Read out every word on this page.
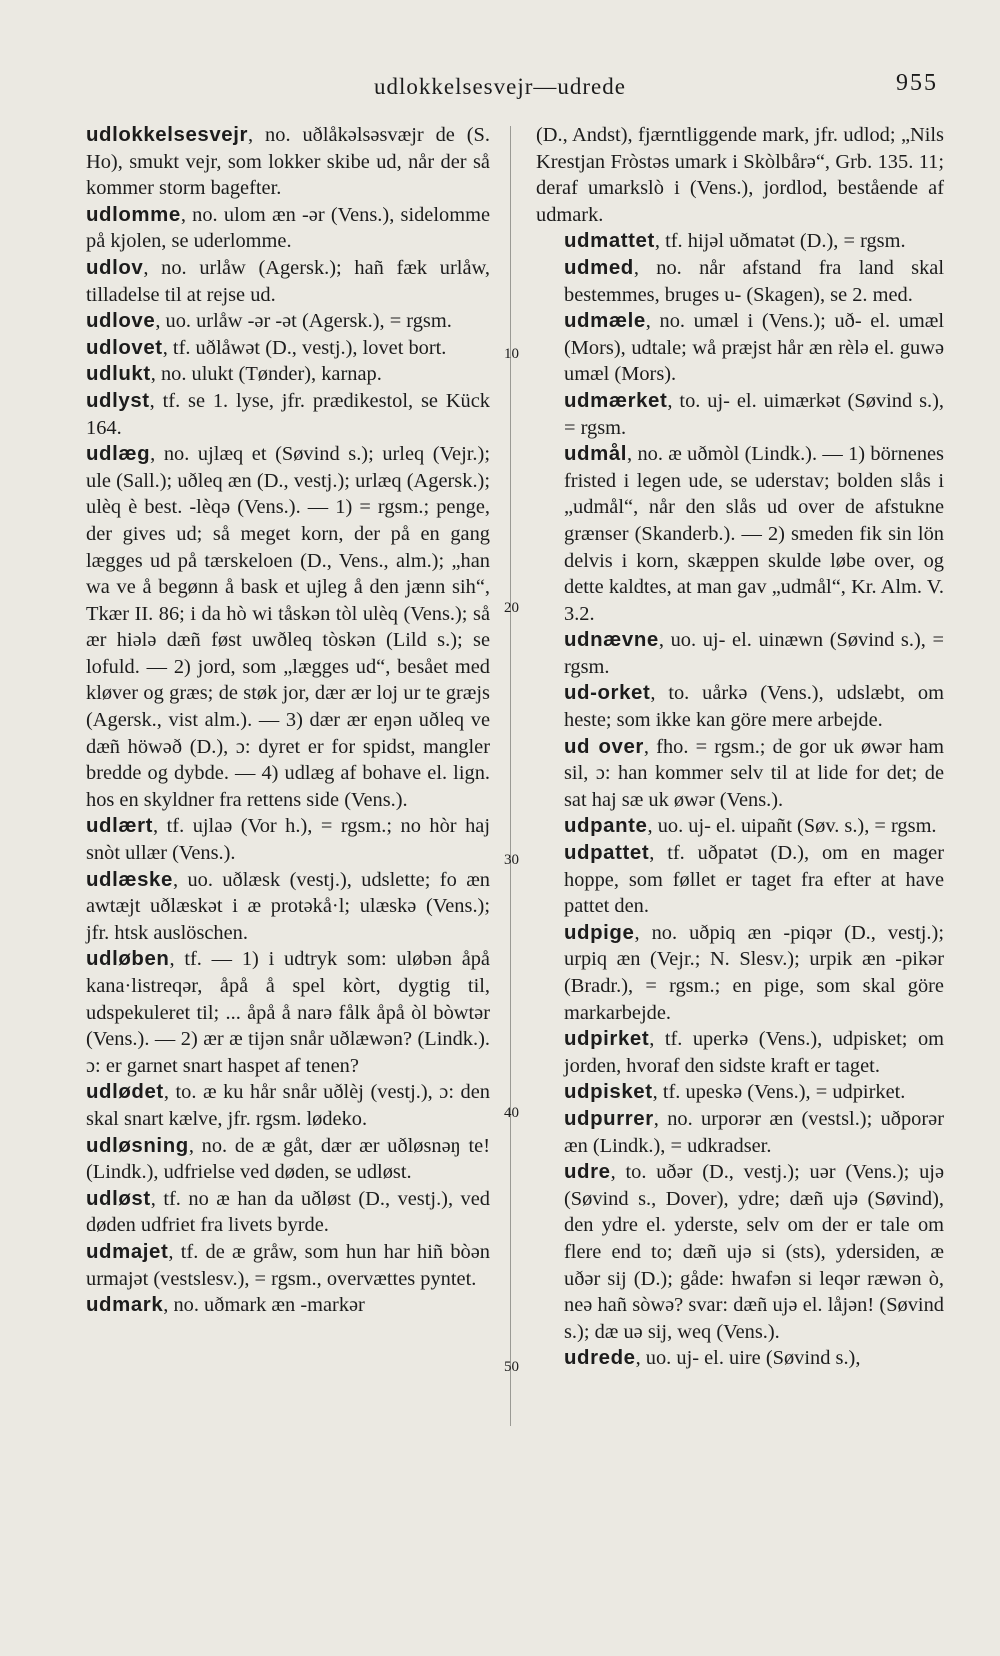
udlokkelsesvejr—udrede	955
10
20
30
40
50

udlokkelsesvejr, no. uðlåkəlsəsvæjr de (S. Ho), smukt vejr, som lokker skibe ud, når der så kommer storm bagefter.

udlomme, no. ulom æn -ər (Vens.), sidelomme på kjolen, se uderlomme.

udlov, no. urlåw (Agersk.); hañ fæk urlåw, tilladelse til at rejse ud.

udlove, uo. urlåw -ər -ət (Agersk.), = rgsm.

udlovet, tf. uðlåwət (D., vestj.), lovet bort.

udlukt, no. ulukt (Tønder), karnap.

udlyst, tf. se 1. lyse, jfr. prædikestol, se Kück 164.

udlæg, no. ujlæq et (Søvind s.); urleq (Vejr.); ule (Sall.); uðleq æn (D., vestj.); urlæq (Agersk.); ulèq è best. -lèqə (Vens.). — 1) = rgsm.; penge, der gives ud; så meget korn, der på en gang lægges ud på tærskeloen (D., Vens., alm.); „han wa ve å begønn å bask et ujleg å den jænn sih“, Tkær II. 86; i da hò wi tåskən tòl ulèq (Vens.); så ær hiələ dæñ føst uwðleq tòskən (Lild s.); se lofuld. — 2) jord, som „lægges ud“, besået med kløver og græs; de støk jor, dær ær loj ur te græjs (Agersk., vist alm.). — 3) dær ær eŋən uðleq ve dæñ höwəð (D.), ɔ: dyret er for spidst, mangler bredde og dybde. — 4) udlæg af bohave el. lign. hos en skyldner fra rettens side (Vens.).

udlært, tf. ujlaə (Vor h.), = rgsm.; no hòr haj snòt ullær (Vens.).

udlæske, uo. uðlæsk (vestj.), udslette; fo æn awtæjt uðlæskət i æ protəkå·l; ulæskə (Vens.); jfr. htsk auslöschen.

udløben, tf. — 1) i udtryk som: uløbən åpå kana·listreqər, åpå å spel kòrt, dygtig til, udspekuleret til; ... åpå å narə fålk åpå òl bòwtər (Vens.). — 2) ær æ tijən snår uðlæwən? (Lindk.). ɔ: er garnet snart haspet af tenen?

udlødet, to. æ ku hår snår uðlèj (vestj.), ɔ: den skal snart kælve, jfr. rgsm. lødeko.

udløsning, no. de æ gåt, dær ær uðløsnəŋ te! (Lindk.), udfrielse ved døden, se udløst.

udløst, tf. no æ han da uðløst (D., vestj.), ved døden udfriet fra livets byrde.

udmajet, tf. de æ gråw, som hun har hiñ bòən urmajət (vestslesv.), = rgsm., overvættes pyntet.

udmark, no. uðmark æn -markər

(D., Andst), fjærntliggende mark, jfr. udlod; „Nils Krestjan Fròstəs umark i Skòlbårə“, Grb. 135. 11; deraf umarkslò i (Vens.), jordlod, bestående af udmark.

udmattet, tf. hijəl uðmatət (D.), = rgsm.

udmed, no. når afstand fra land skal bestemmes, bruges u- (Skagen), se 2. med.

udmæle, no. umæl i (Vens.); uð- el. umæl (Mors), udtale; wå præjst hår æn rèlə el. guwə umæl (Mors).

udmærket, to. uj- el. uimærkət (Søvind s.), = rgsm.

udmål, no. æ uðmòl (Lindk.). — 1) börnenes fristed i legen ude, se uderstav; bolden slås i „udmål“, når den slås ud over de afstukne grænser (Skanderb.). — 2) smeden fik sin lön delvis i korn, skæppen skulde løbe over, og dette kaldtes, at man gav „udmål“, Kr. Alm. V. 3.2.

udnævne, uo. uj- el. uinæwn (Søvind s.), = rgsm.

ud-orket, to. uårkə (Vens.), udslæbt, om heste; som ikke kan göre mere arbejde.

ud over, fho. = rgsm.; de gor uk øwər ham sil, ɔ: han kommer selv til at lide for det; de sat haj sæ uk øwər (Vens.).

udpante, uo. uj- el. uipañt (Søv. s.), = rgsm.

udpattet, tf. uðpatət (D.), om en mager hoppe, som føllet er taget fra efter at have pattet den.

udpige, no. uðpiq æn -piqər (D., vestj.); urpiq æn (Vejr.; N. Slesv.); urpik æn -pikər (Bradr.), = rgsm.; en pige, som skal göre markarbejde.

udpirket, tf. uperkə (Vens.), udpisket; om jorden, hvoraf den sidste kraft er taget.

udpisket, tf. upeskə (Vens.), = udpirket.

udpurrer, no. urporər æn (vestsl.); uðporər æn (Lindk.), = udkradser.

udre, to. uðər (D., vestj.); uər (Vens.); ujə (Søvind s., Dover), ydre; dæñ ujə (Søvind), den ydre el. yderste, selv om der er tale om flere end to; dæñ ujə si (sts), ydersiden, æ uðər sij (D.); gåde: hwafən si leqər ræwən ò, neə hañ sòwə? svar: dæñ ujə el. låjən! (Søvind s.); dæ uə sij, weq (Vens.).

udrede, uo. uj- el. uire (Søvind s.),
